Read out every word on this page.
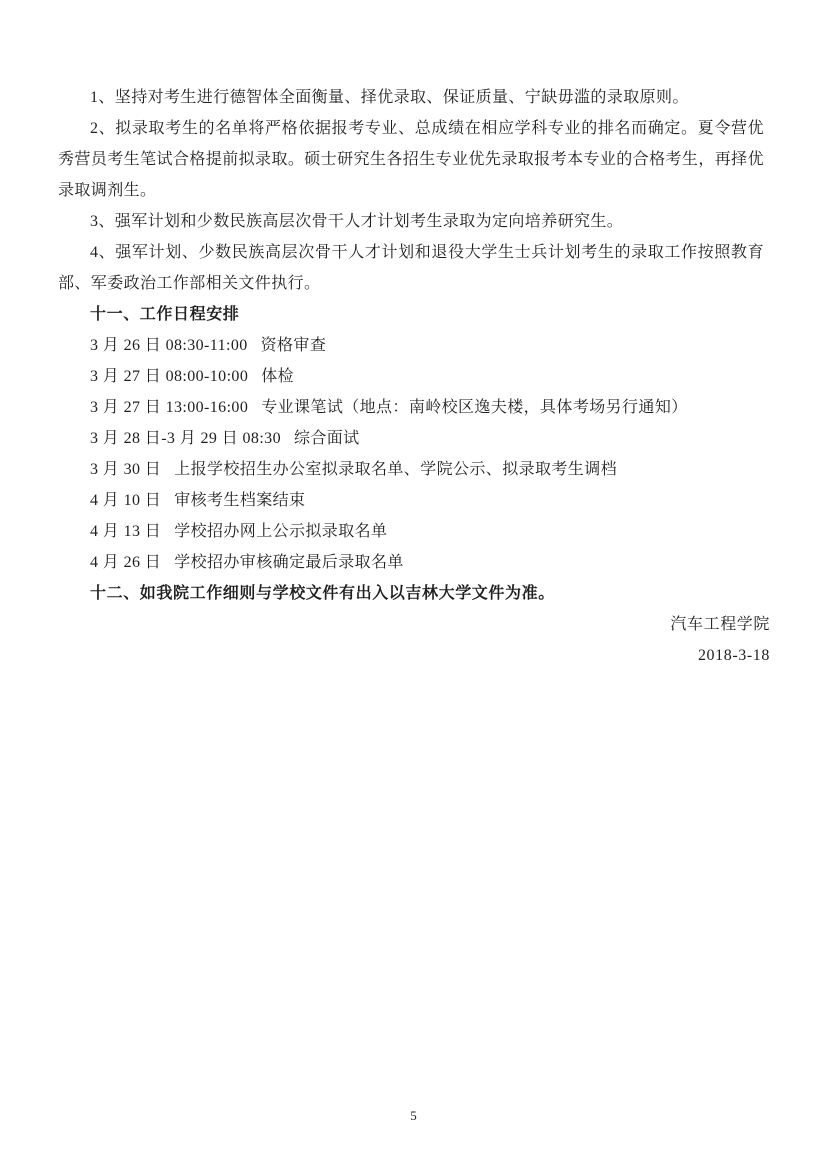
1、坚持对考生进行德智体全面衡量、择优录取、保证质量、宁缺毋滥的录取原则。

2、拟录取考生的名单将严格依据报考专业、总成绩在相应学科专业的排名而确定。夏令营优秀营员考生笔试合格提前拟录取。硕士研究生各招生专业优先录取报考本专业的合格考生，再择优录取调剂生。

3、强军计划和少数民族高层次骨干人才计划考生录取为定向培养研究生。

4、强军计划、少数民族高层次骨干人才计划和退役大学生士兵计划考生的录取工作按照教育部、军委政治工作部相关文件执行。

十一、工作日程安排

3 月 26 日 08:30-11:00 资格审查

3 月 27 日 08:00-10:00 体检

3 月 27 日 13:00-16:00 专业课笔试（地点：南岭校区逸夫楼，具体考场另行通知）

3 月 28 日-3 月 29 日 08:30 综合面试

3 月 30 日 上报学校招生办公室拟录取名单、学院公示、拟录取考生调档

4 月 10 日 审核考生档案结束

4 月 13 日 学校招办网上公示拟录取名单

4 月 26 日 学校招办审核确定最后录取名单

十二、如我院工作细则与学校文件有出入以吉林大学文件为准。

汽车工程学院
2018-3-18
5
